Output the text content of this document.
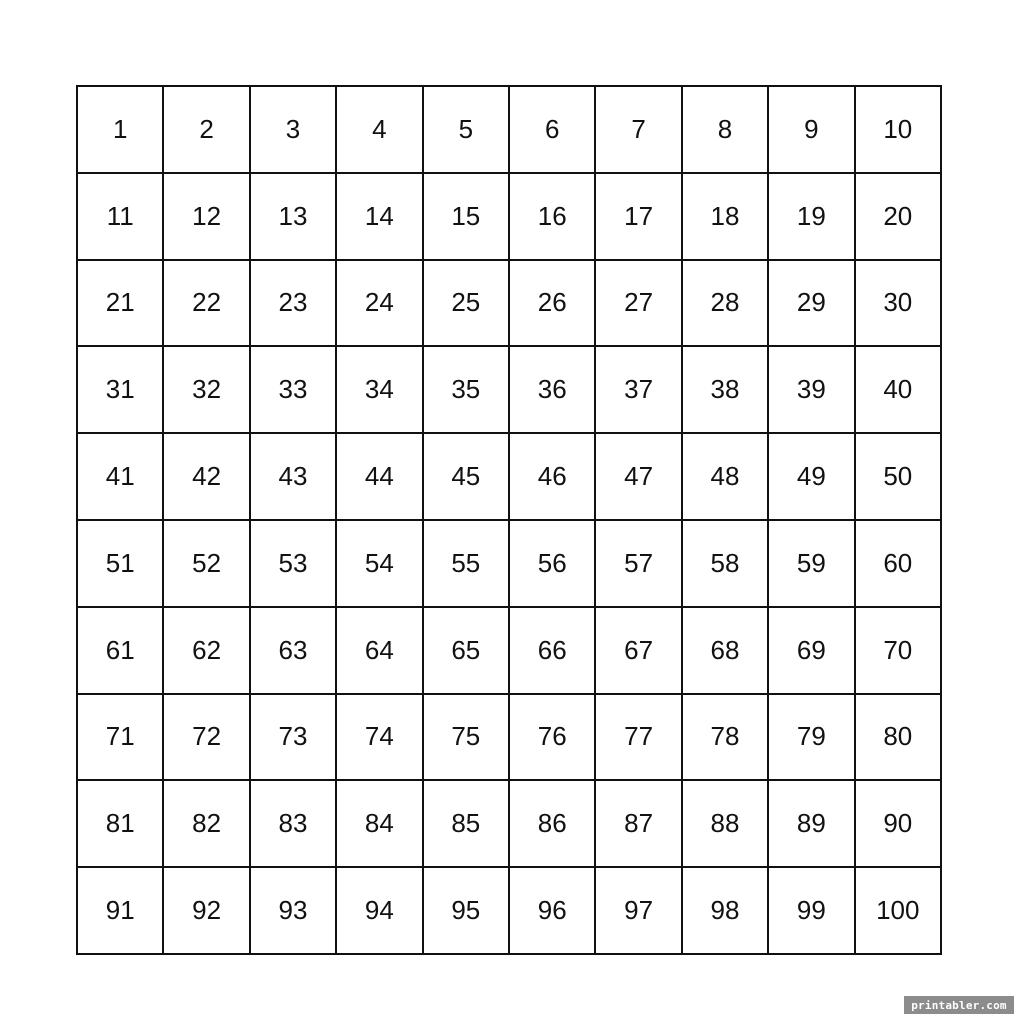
1	2	3	4	5	6	7	8	9	10
11	12	13	14	15	16	17	18	19	20
21	22	23	24	25	26	27	28	29	30
31	32	33	34	35	36	37	38	39	40
41	42	43	44	45	46	47	48	49	50
51	52	53	54	55	56	57	58	59	60
61	62	63	64	65	66	67	68	69	70
71	72	73	74	75	76	77	78	79	80
81	82	83	84	85	86	87	88	89	90
91	92	93	94	95	96	97	98	99	100
printabler.com
